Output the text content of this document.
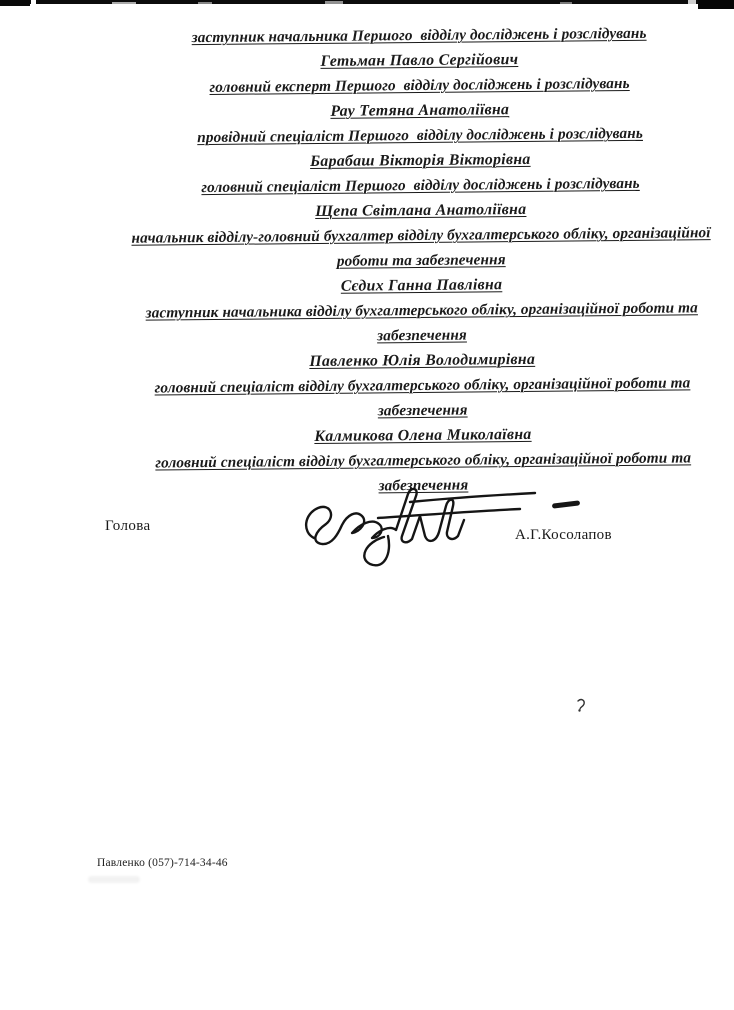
заступник начальника Першого  відділу досліджень і розслідувань
Гетьман Павло Сергійович
головний експерт Першого  відділу досліджень і розслідувань
Рау Тетяна Анатоліївна
провідний спеціаліст Першого  відділу досліджень і розслідувань
Барабаш Вікторія Вікторівна
головний спеціаліст Першого  відділу досліджень і розслідувань
Щепа Світлана Анатоліївна
начальник відділу-головний бухгалтер відділу бухгалтерського обліку, організаційної
роботи та забезпечення
Сєдих Ганна Павлівна
заступник начальника відділу бухгалтерського обліку, організаційної роботи та
забезпечення
Павленко Юлія Володимирівна
головний спеціаліст відділу бухгалтерського обліку, організаційної роботи та
забезпечення
Калмикова Олена Миколаївна
головний спеціаліст відділу бухгалтерського обліку, організаційної роботи та
забезпечення
Голова
А.Г.Косолапов
Павленко (057)-714-34-46
